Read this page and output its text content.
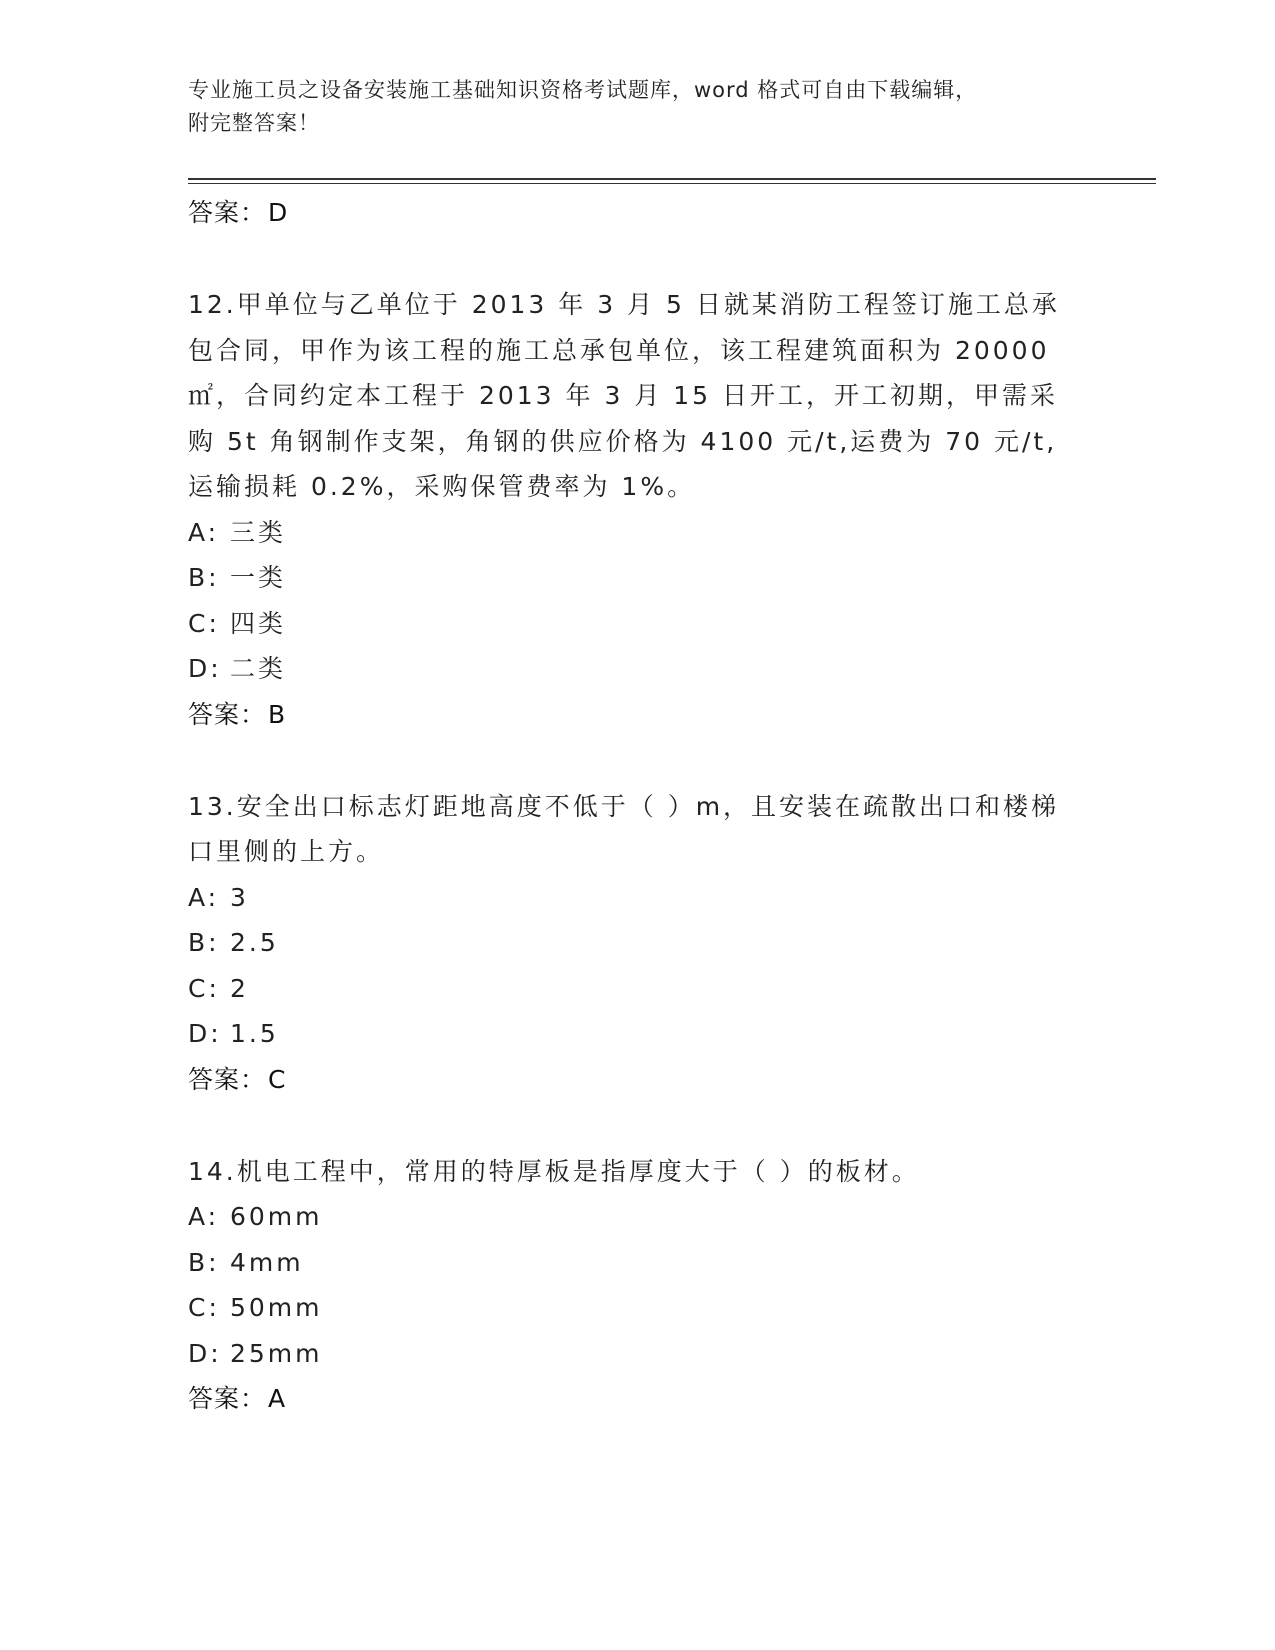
专业施工员之设备安装施工基础知识资格考试题库，word 格式可自由下载编辑，
附完整答案！

答案：D

12.甲单位与乙单位于 2013 年 3 月 5 日就某消防工程签订施工总承包合同，甲作为该工程的施工总承包单位，该工程建筑面积为 20000㎡，合同约定本工程于 2013 年 3 月 15 日开工，开工初期，甲需采购 5t 角钢制作支架，角钢的供应价格为 4100 元/t,运费为 70 元/t,运输损耗 0.2%，采购保管费率为 1%。

A: 三类

B: 一类

C: 四类

D: 二类

答案：B

13.安全出口标志灯距地高度不低于（ ）m，且安装在疏散出口和楼梯口里侧的上方。

A: 3

B: 2.5

C: 2

D: 1.5

答案：C

14.机电工程中，常用的特厚板是指厚度大于（ ）的板材。

A: 60mm

B: 4mm

C: 50mm

D: 25mm

答案：A
